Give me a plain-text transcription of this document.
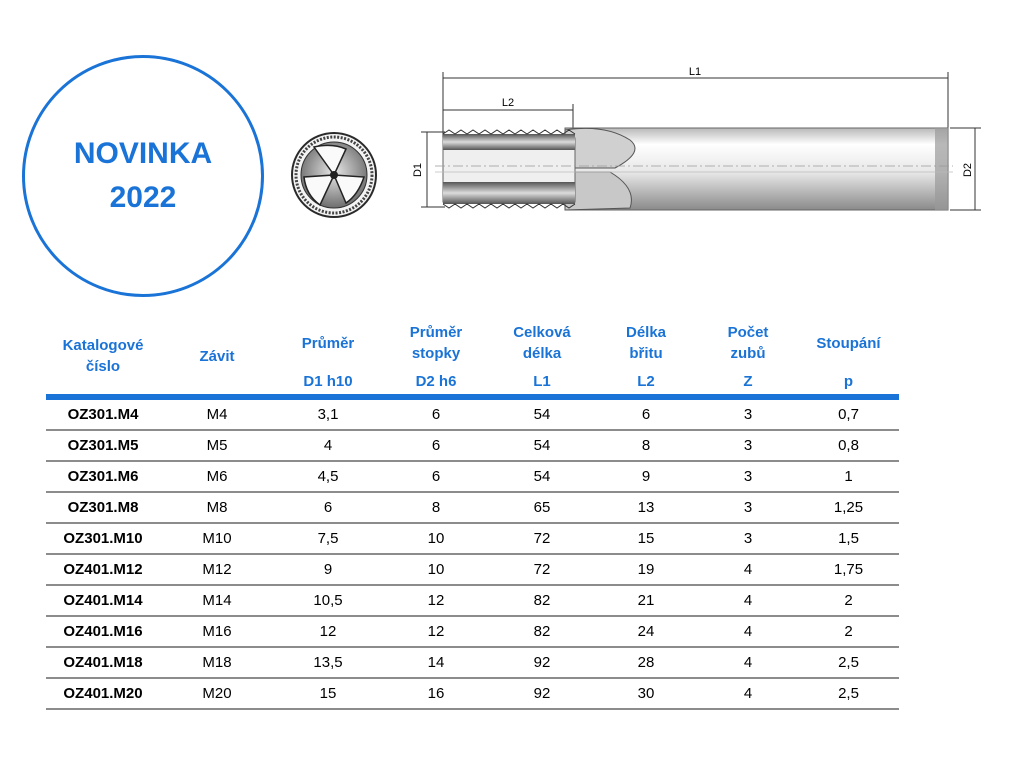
NOVINKA
2022
L1
L2
D1	D2
Katalogové číslo	Závit	Průměr	Průměr stopky	Celková délka	Délka břitu	Počet zubů	Stoupání
		D1 h10	D2 h6	L1	L2	Z	p

OZ301.M4	M4	3,1	6	54	6	3	0,7
OZ301.M5	M5	4	6	54	8	3	0,8
OZ301.M6	M6	4,5	6	54	9	3	1
OZ301.M8	M8	6	8	65	13	3	1,25
OZ301.M10	M10	7,5	10	72	15	3	1,5
OZ401.M12	M12	9	10	72	19	4	1,75
OZ401.M14	M14	10,5	12	82	21	4	2
OZ401.M16	M16	12	12	82	24	4	2
OZ401.M18	M18	13,5	14	92	28	4	2,5
OZ401.M20	M20	15	16	92	30	4	2,5
